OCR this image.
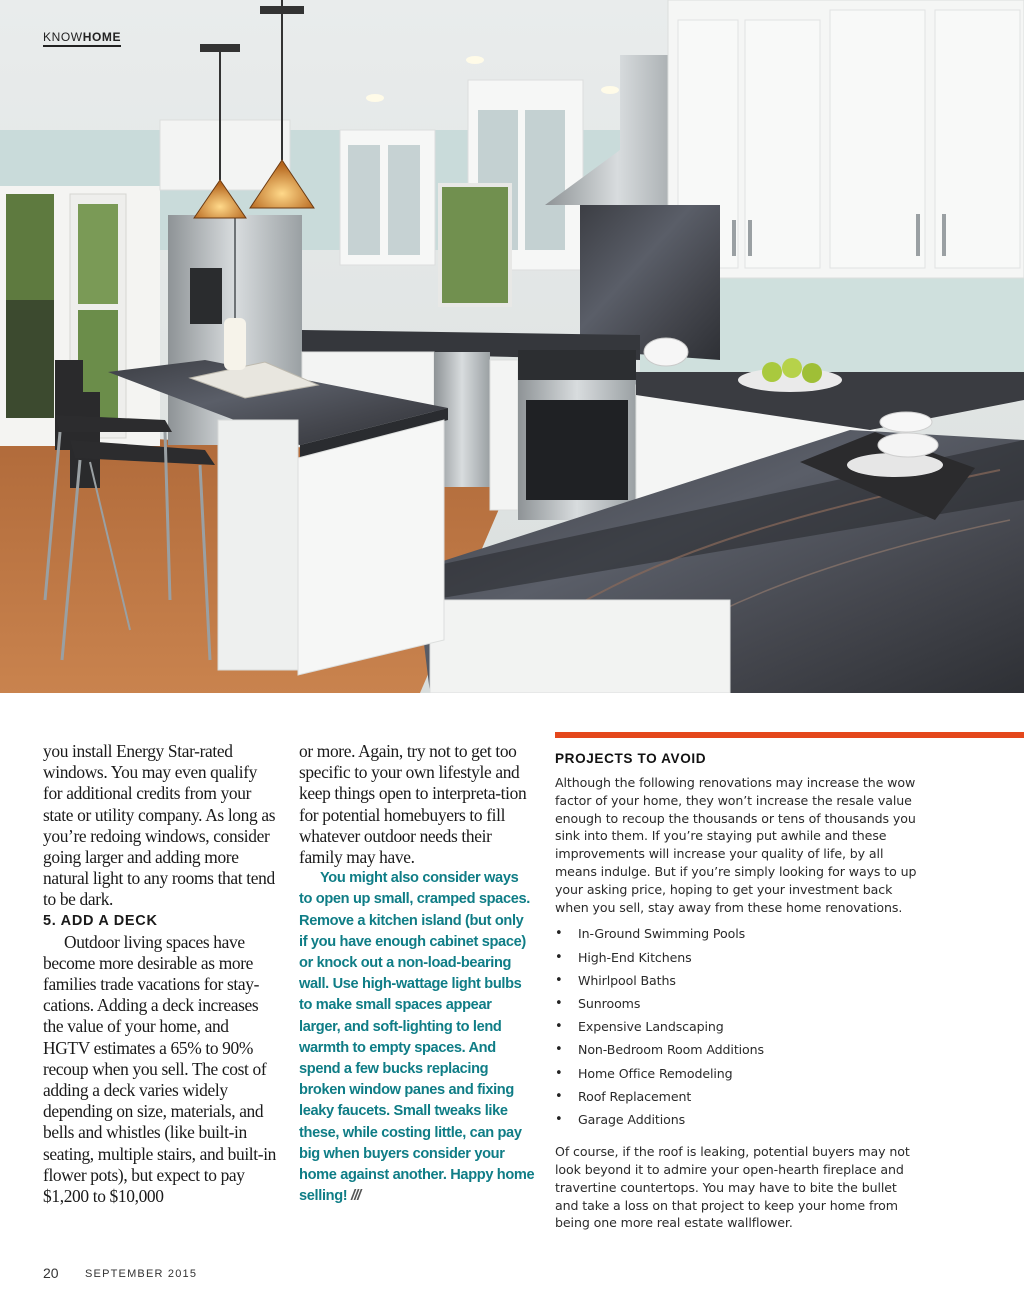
KNOWHOME

you install Energy Star-rated windows. You may even qualify for additional credits from your state or utility company. As long as you’re redoing windows, consider going larger and adding more natural light to any rooms that tend to be dark.

5. ADD A DECK

Outdoor living spaces have become more desirable as more families trade vacations for stay-cations. Adding a deck increases the value of your home, and HGTV estimates a 65% to 90% recoup when you sell. The cost of adding a deck varies widely depending on size, materials, and bells and whistles (like built-in seating, multiple stairs, and built-in flower pots), but expect to pay $1,200 to $10,000

or more. Again, try not to get too specific to your own lifestyle and keep things open to interpreta-tion for potential homebuyers to fill whatever outdoor needs their family may have.

You might also consider ways to open up small, cramped spaces. Remove a kitchen island (but only if you have enough cabinet space) or knock out a non-load-bearing wall. Use high-wattage light bulbs to make small spaces appear larger, and soft-lighting to lend warmth to empty spaces. And spend a few bucks replacing broken window panes and fixing leaky faucets. Small tweaks like these, while costing little, can pay big when buyers consider your home against another. Happy home selling! ///

PROJECTS TO AVOID

Although the following renovations may increase the wow factor of your home, they won’t increase the resale value enough to recoup the thousands or tens of thousands you sink into them. If you’re staying put awhile and these improvements will increase your quality of life, by all means indulge. But if you’re simply looking for ways to up your asking price, hoping to get your investment back when you sell, stay away from these home renovations.

• In-Ground Swimming Pools
• High-End Kitchens
• Whirlpool Baths
• Sunrooms
• Expensive Landscaping
• Non-Bedroom Room Additions
• Home Office Remodeling
• Roof Replacement
• Garage Additions

Of course, if the roof is leaking, potential buyers may not look beyond it to admire your open-hearth fireplace and travertine countertops. You may have to bite the bullet and take a loss on that project to keep your home from being one more real estate wallflower.

20 SEPTEMBER 2015
